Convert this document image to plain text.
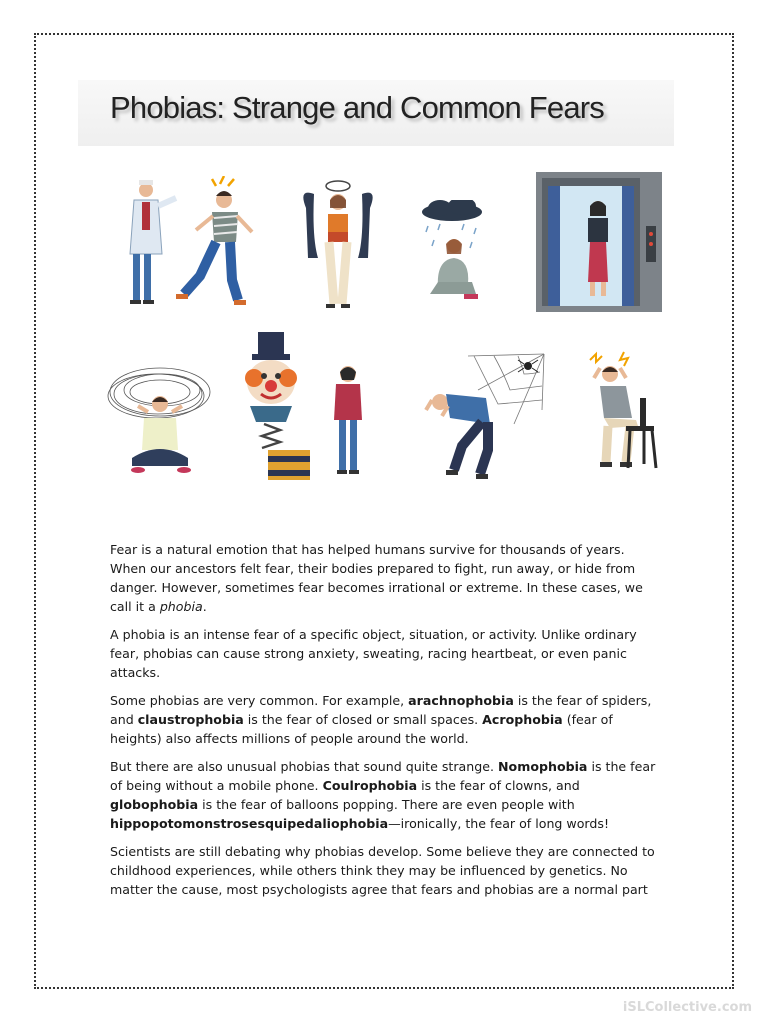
Phobias: Strange and Common Fears

Fear is a natural emotion that has helped humans survive for thousands of years. When our ancestors felt fear, their bodies prepared to fight, run away, or hide from danger. However, sometimes fear becomes irrational or extreme. In these cases, we call it a phobia.

A phobia is an intense fear of a specific object, situation, or activity. Unlike ordinary fear, phobias can cause strong anxiety, sweating, racing heartbeat, or even panic attacks.

Some phobias are very common. For example, arachnophobia is the fear of spiders, and claustrophobia is the fear of closed or small spaces. Acrophobia (fear of heights) also affects millions of people around the world.

But there are also unusual phobias that sound quite strange. Nomophobia is the fear of being without a mobile phone. Coulrophobia is the fear of clowns, and globophobia is the fear of balloons popping. There are even people with hippopotomonstrosesquipedaliophobia—ironically, the fear of long words!

Scientists are still debating why phobias develop. Some believe they are connected to childhood experiences, while others think they may be influenced by genetics. No matter the cause, most psychologists agree that fears and phobias are a normal part

iSLCollective.com
